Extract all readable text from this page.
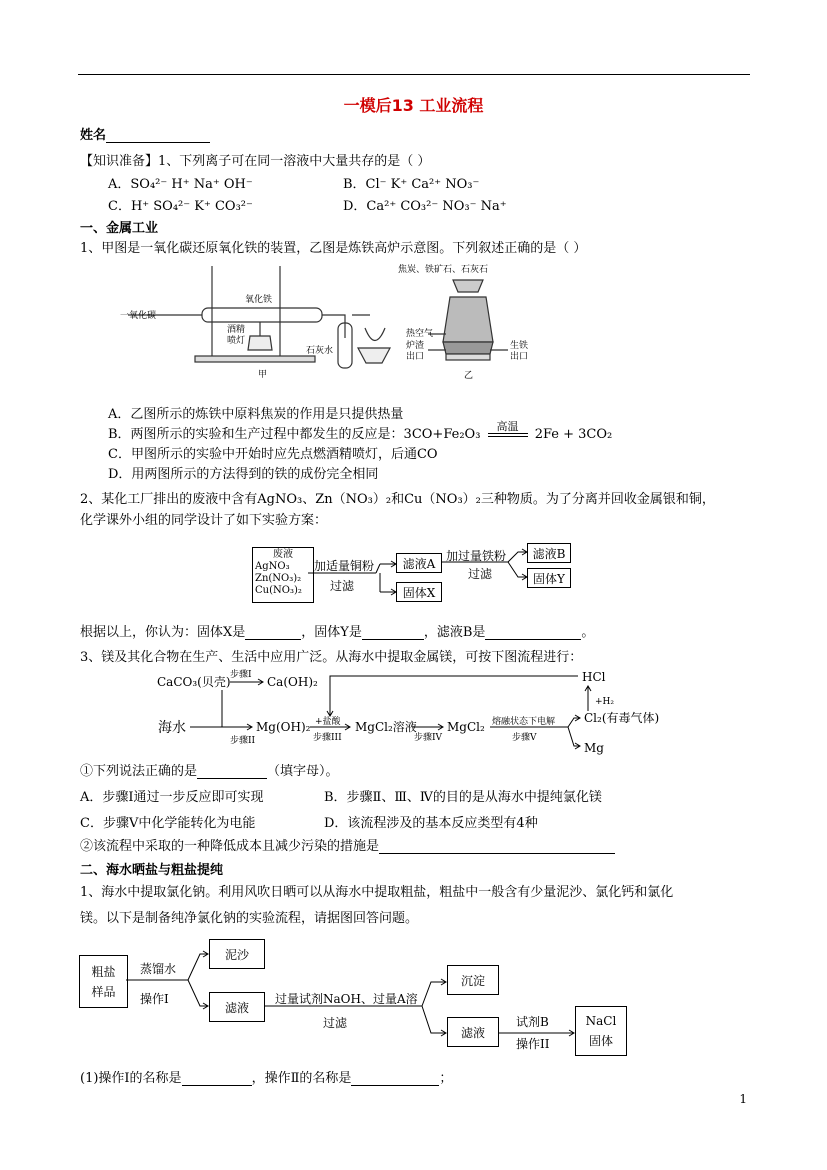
一模后13 工业流程
姓名
【知识准备】1、下列离子可在同一溶液中大量共存的是（ ）
A．SO₄²⁻ H⁺ Na⁺ OH⁻	B．Cl⁻ K⁺ Ca²⁺ NO₃⁻
C．H⁺ SO₄²⁻ K⁺ CO₃²⁻	D．Ca²⁺ CO₃²⁻ NO₃⁻ Na⁺
一、金属工业
1、甲图是一氧化碳还原氧化铁的装置，乙图是炼铁高炉示意图。下列叙述正确的是（ ）
一氧化碳
氧化铁
酒精
喷灯
石灰水
甲
焦炭、铁矿石、石灰石
热空气
炉渣
出口
生铁
出口
乙
A．乙图所示的炼铁中原料焦炭的作用是只提供热量
B．两图所示的实验和生产过程中都发生的反应是：3CO+Fe₂O₃
高温
2Fe + 3CO₂
C．甲图所示的实验中开始时应先点燃酒精喷灯，后通CO
D．用两图所示的方法得到的铁的成份完全相同
2、某化工厂排出的废液中含有AgNO₃、Zn（NO₃）₂和Cu（NO₃）₂三种物质。为了分离并回收金属银和铜，
化学课外小组的同学设计了如下实验方案：
废液
AgNO₃
Zn(NO₃)₂
Cu(NO₃)₂
加适量铜粉
过滤
滤液A
固体X
加过量铁粉
过滤
滤液B
固体Y
根据以上，你认为：固体X是	，固体Y是	，滤液B是	。
3、镁及其化合物在生产、生活中应用广泛。从海水中提取金属镁，可按下图流程进行：
CaCO₃(贝壳) 步骤I Ca(OH)₂
海水
步骤II
Mg(OH)₂ +盐酸
步骤III
MgCl₂溶液
步骤IV
MgCl₂ 熔融状态下电解
步骤V
HCl
+H₂
Cl₂(有毒气体)
Mg
①下列说法正确的是	（填字母）。
A．步骤Ⅰ通过一步反应即可实现	B．步骤Ⅱ、Ⅲ、Ⅳ的目的是从海水中提纯氯化镁
C．步骤Ⅴ中化学能转化为电能	D．该流程涉及的基本反应类型有4种
②该流程中采取的一种降低成本且减少污染的措施是
二、海水晒盐与粗盐提纯
1、海水中提取氯化钠。利用风吹日晒可以从海水中提取粗盐，粗盐中一般含有少量泥沙、氯化钙和氯化
镁。以下是制备纯净氯化钠的实验流程，请据图回答问题。
粗盐
样品
蒸馏水
操作I
泥沙
滤液
过量试剂NaOH、过量A溶
过滤
沉淀
滤液
试剂B
操作II
NaCl
固体
(1)操作Ⅰ的名称是	，操作Ⅱ的名称是	；
1
